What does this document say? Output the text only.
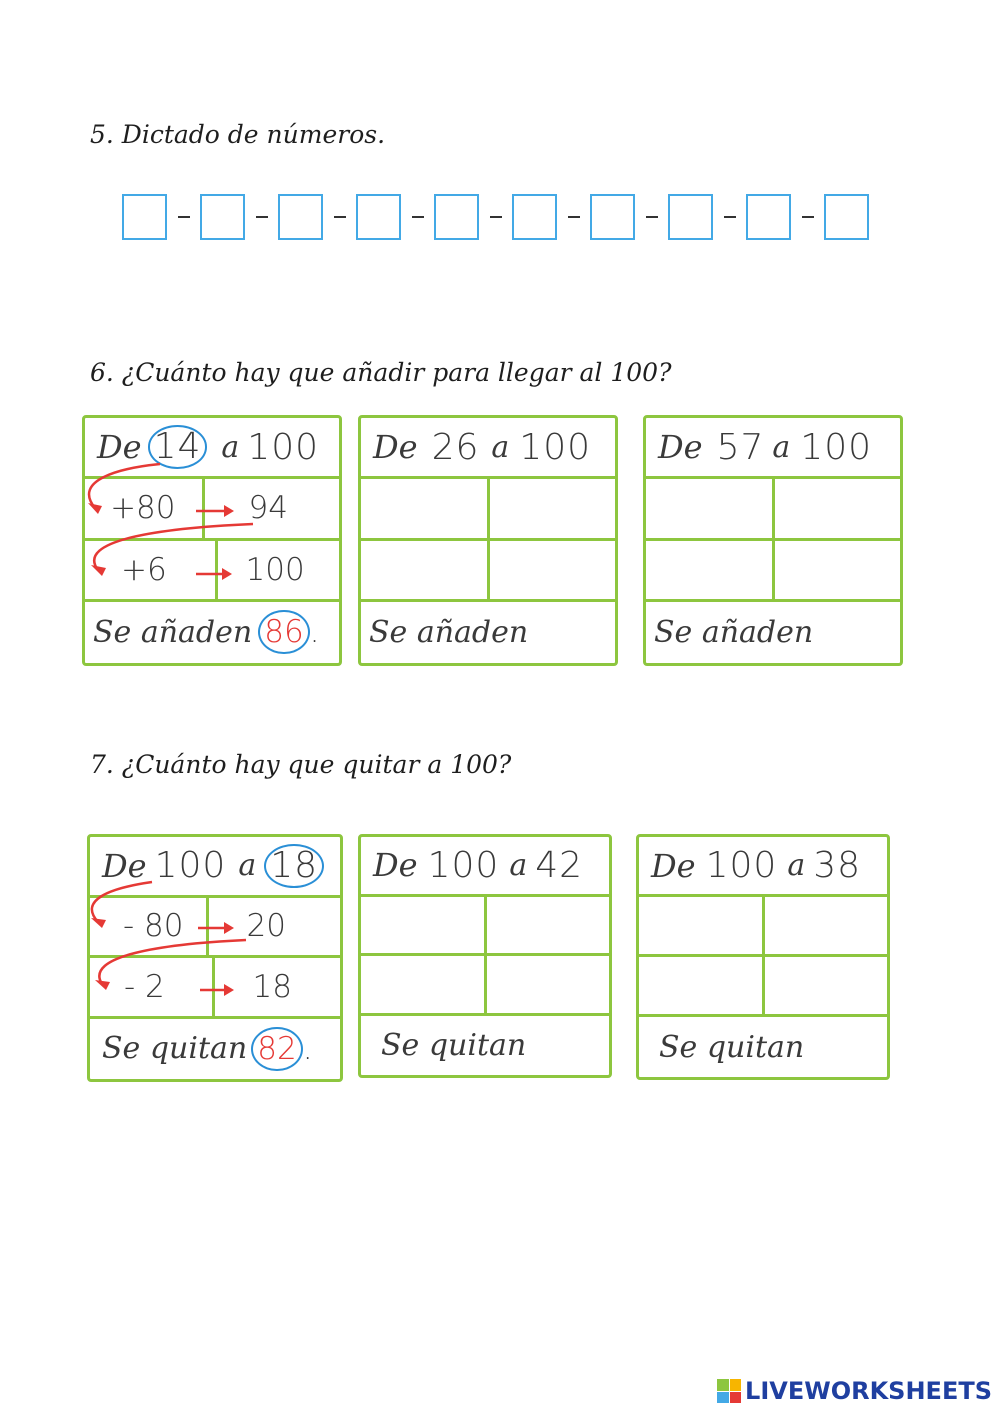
5. Dictado de números.
6. ¿Cuánto hay que añadir para llegar al 100?
De 14 a 100
+80 94
+6	100
Se añaden 86 .
De 26 a 100
Se añaden
De 57 a 100
Se añaden
7. ¿Cuánto hay que quitar a 100?
De 100 a 18
- 80 20
- 2	18
Se quitan 82 .
De 100 a 42
Se quitan
De 100 a 38
Se quitan
LIVEWORKSHEETS
